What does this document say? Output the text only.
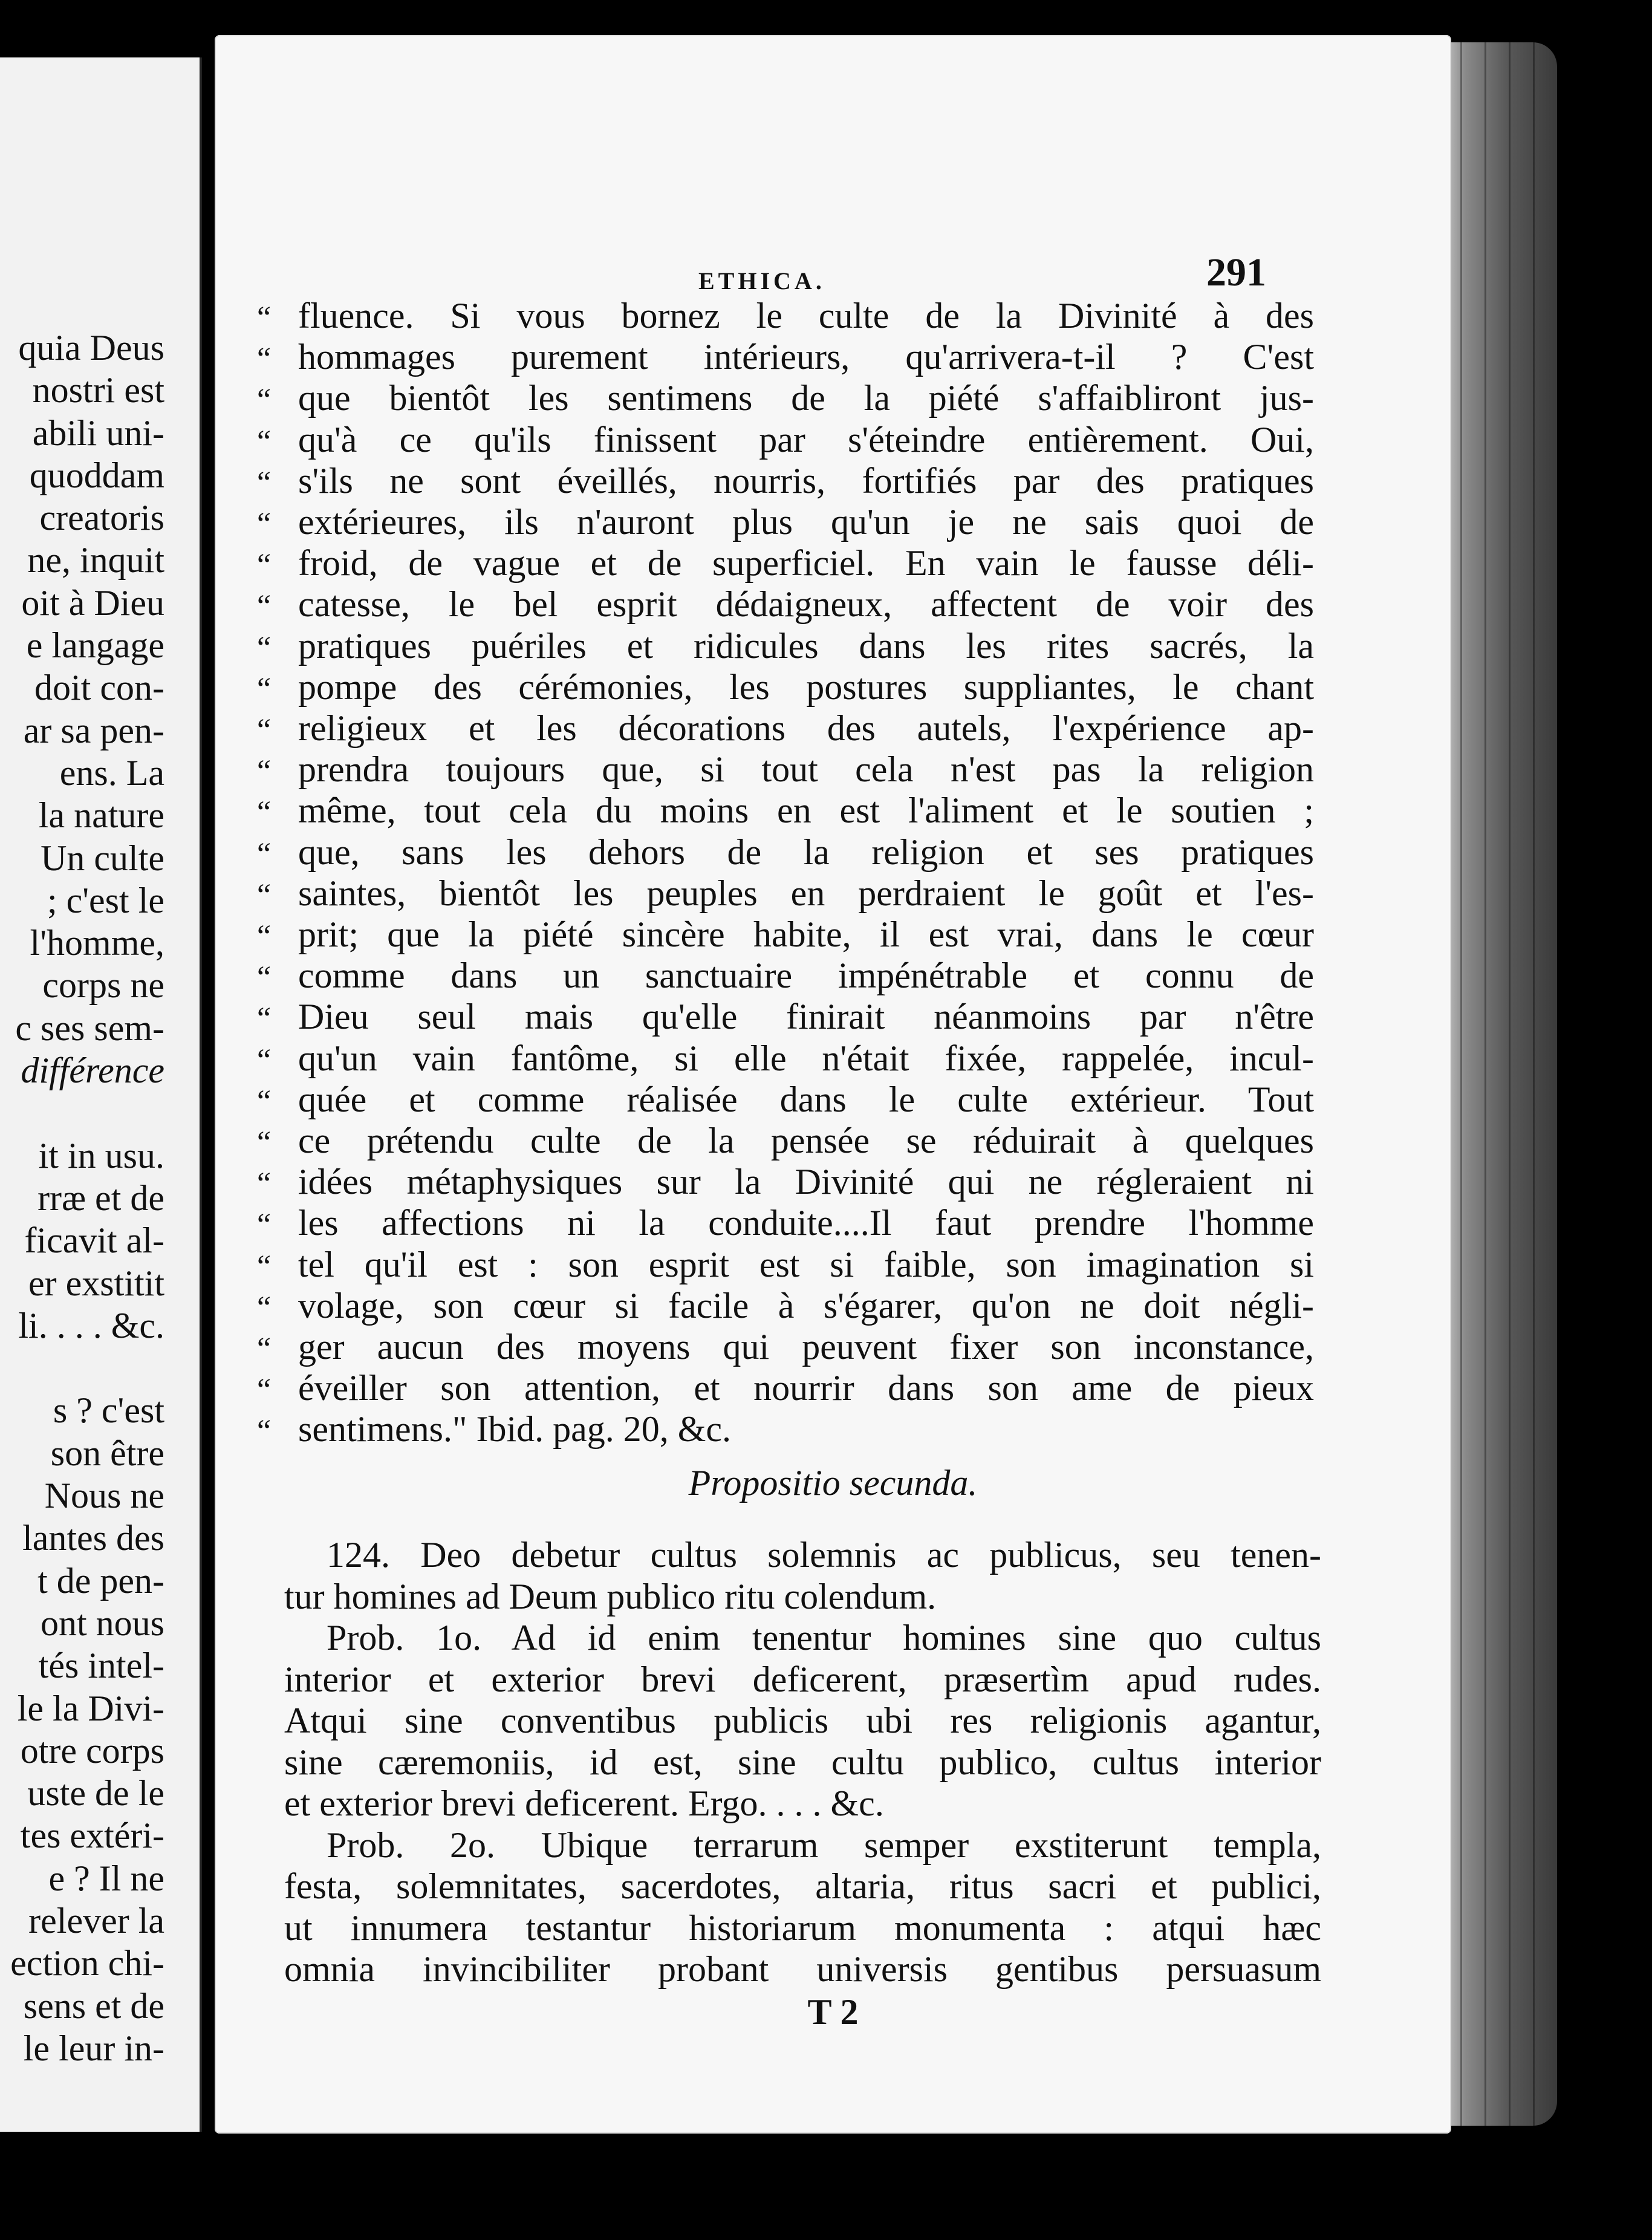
quia Deus
nostri est
abili uni-
quoddam
creatoris
ne, inquit
oit à Dieu
e langage
doit con-
ar sa pen-
ens. La
la nature
Un culte
; c'est le
l'homme,
corps ne
c ses sem-
différence
it in usu.
rræ et de
ficavit al-
er exstitit
li. . . . &c.
s ? c'est
son être
Nous ne
lantes des
t de pen-
ont nous
tés intel-
le la Divi-
otre corps
uste de le
tes extéri-
e ? Il ne
relever la
ection chi-
sens et de
le leur in-
ETHICA.	291
“ fluence. Si vous bornez le culte de la Divinité à des
“ hommages purement intérieurs, qu'arrivera-t-il ? C'est
“ que bientôt les sentimens de la piété s'affaibliront jus-
“ qu'à ce qu'ils finissent par s'éteindre entièrement. Oui,
“ s'ils ne sont éveillés, nourris, fortifiés par des pratiques
“ extérieures, ils n'auront plus qu'un je ne sais quoi de
“ froid, de vague et de superficiel. En vain le fausse déli-
“ catesse, le bel esprit dédaigneux, affectent de voir des
“ pratiques puériles et ridicules dans les rites sacrés, la
“ pompe des cérémonies, les postures suppliantes, le chant
“ religieux et les décorations des autels, l'expérience ap-
“ prendra toujours que, si tout cela n'est pas la religion
“ même, tout cela du moins en est l'aliment et le soutien ;
“ que, sans les dehors de la religion et ses pratiques
“ saintes, bientôt les peuples en perdraient le goût et l'es-
“ prit; que la piété sincère habite, il est vrai, dans le cœur
“ comme dans un sanctuaire impénétrable et connu de
“ Dieu seul mais qu'elle finirait néanmoins par n'être
“ qu'un vain fantôme, si elle n'était fixée, rappelée, incul-
“ quée et comme réalisée dans le culte extérieur. Tout
“ ce prétendu culte de la pensée se réduirait à quelques
“ idées métaphysiques sur la Divinité qui ne régleraient ni
“ les affections ni la conduite....Il faut prendre l'homme
“ tel qu'il est : son esprit est si faible, son imagination si
“ volage, son cœur si facile à s'égarer, qu'on ne doit négli-
“ ger aucun des moyens qui peuvent fixer son inconstance,
“ éveiller son attention, et nourrir dans son ame de pieux
“ sentimens." Ibid. pag. 20, &c.
Propositio secunda.
124. Deo debetur cultus solemnis ac publicus, seu tenen-
tur homines ad Deum publico ritu colendum.
Prob. 1o. Ad id enim tenentur homines sine quo cultus
interior et exterior brevi deficerent, præsertìm apud rudes.
Atqui sine conventibus publicis ubi res religionis agantur,
sine cæremoniis, id est, sine cultu publico, cultus interior
et exterior brevi deficerent. Ergo. . . . &c.
Prob. 2o. Ubique terrarum semper exstiterunt templa,
festa, solemnitates, sacerdotes, altaria, ritus sacri et publici,
ut innumera testantur historiarum monumenta : atqui hæc
omnia invincibiliter probant universis gentibus persuasum
T 2
